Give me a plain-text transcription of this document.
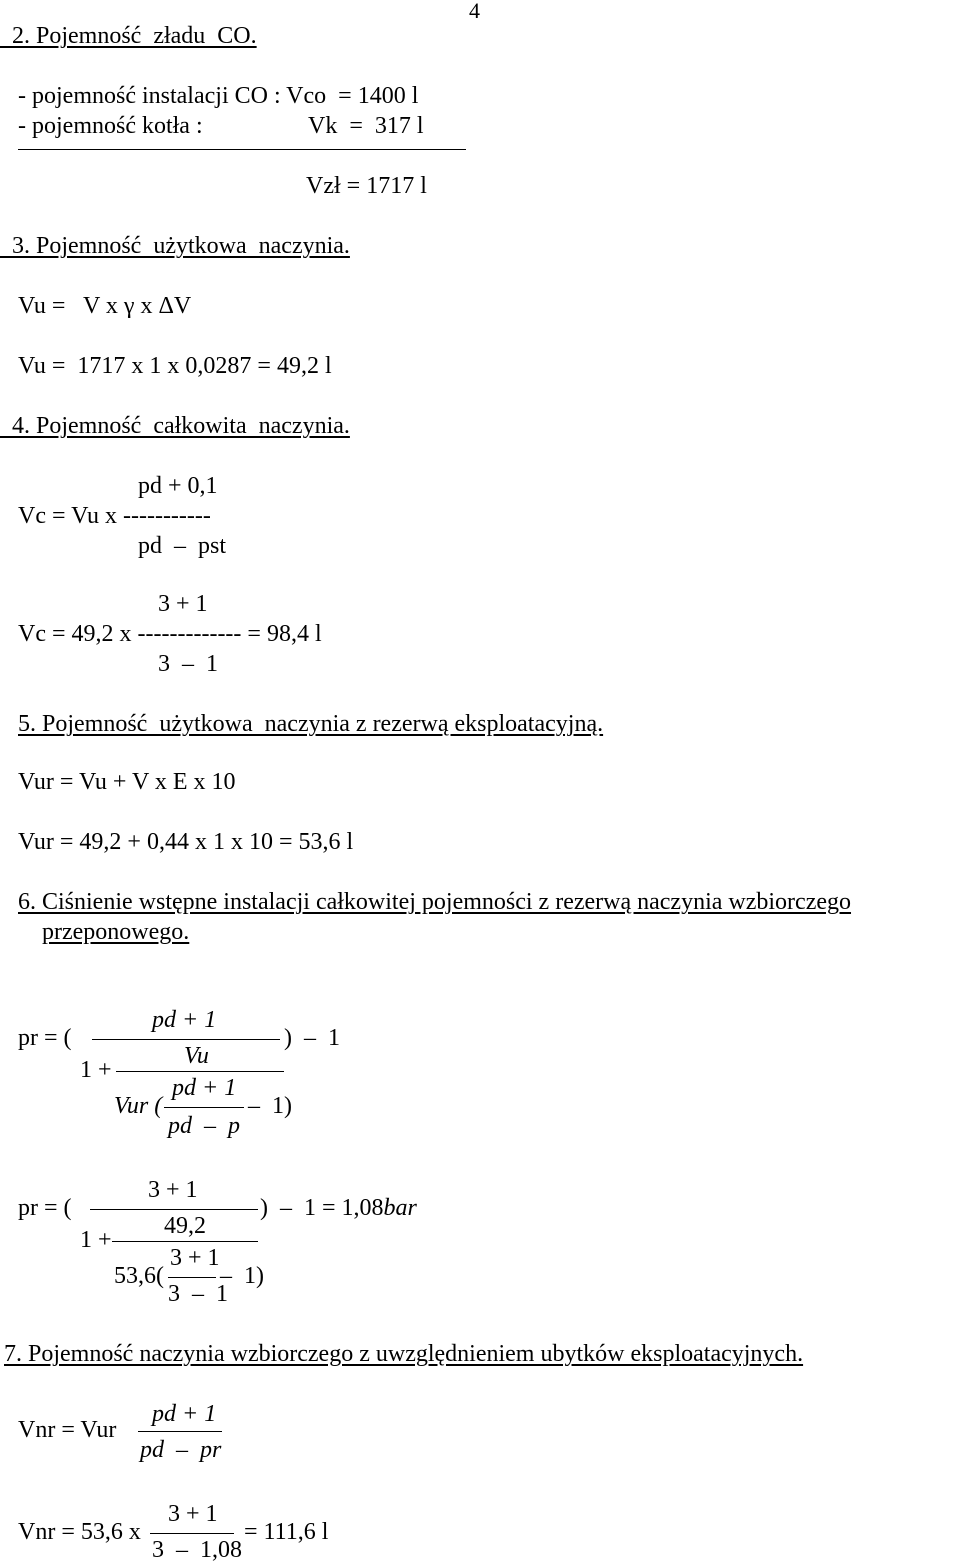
4
2. Pojemność  zładu  CO.
- pojemność instalacji CO : Vco  = 1400 l
- pojemność kotła :	Vk  =  317 l
Vzł = 1717 l
3. Pojemność  użytkowa  naczynia.
Vu =   V x γ x ΔV
Vu =  1717 x 1 x 0,0287 = 49,2 l
4. Pojemność  całkowita  naczynia.
pd + 0,1
Vc = Vu x -----------
pd  –  pst
3 + 1
Vc = 49,2 x ------------- = 98,4 l
3  –  1
5. Pojemność  użytkowa  naczynia z rezerwą eksploatacyjną.
Vur = Vu + V x E x 10
Vur = 49,2 + 0,44 x 1 x 10 = 53,6 l
6. Ciśnienie wstępne instalacji całkowitej pojemności z rezerwą naczynia wzbiorczego
przeponowego.
pd + 1
pr = (	)  –  1
Vu
1 +
pd + 1
Vur (	–  1)
pd  –  p
3 + 1
pr = (	)  –  1 = 1,08bar
49,2
1 +
3 + 1
53,6( –  1)
3  –  1
7. Pojemność naczynia wzbiorczego z uwzględnieniem ubytków eksploatacyjnych.
pd + 1
Vnr = Vur
pd  –  pr
3 + 1
Vnr = 53,6 x	= 111,6 l
3  –  1,08
